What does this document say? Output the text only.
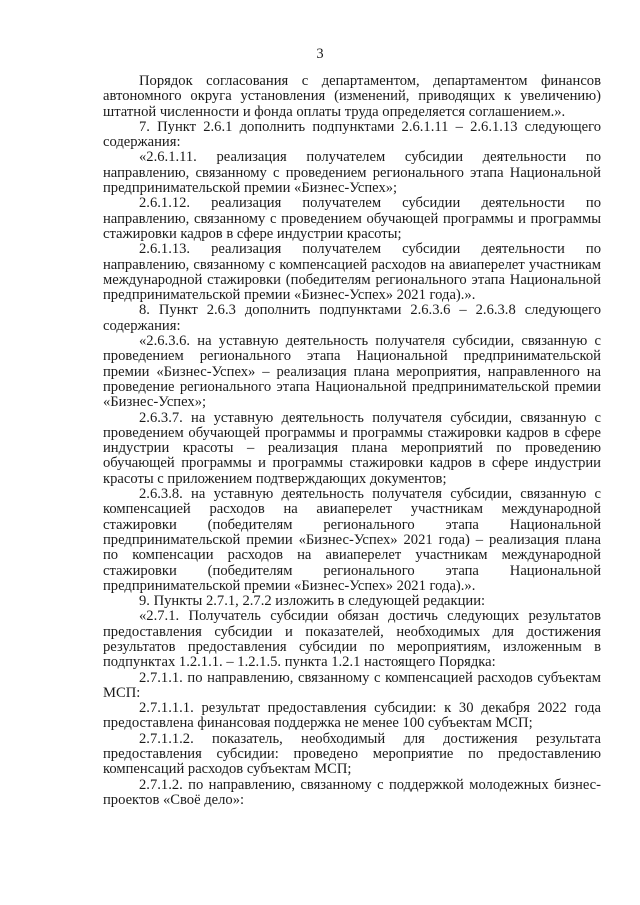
3

Порядок согласования с департаментом, департаментом финансов автономного округа установления (изменений, приводящих к увеличению) штатной численности и фонда оплаты труда определяется соглашением.».

7. Пункт 2.6.1 дополнить подпунктами 2.6.1.11 – 2.6.1.13 следующего содержания:

«2.6.1.11. реализация получателем субсидии деятельности по направлению, связанному с проведением регионального этапа Национальной предпринимательской премии «Бизнес-Успех»;

2.6.1.12. реализация получателем субсидии деятельности по направлению, связанному с проведением обучающей программы и программы стажировки кадров в сфере индустрии красоты;

2.6.1.13. реализация получателем субсидии деятельности по направлению, связанному с компенсацией расходов на авиаперелет участникам международной стажировки (победителям регионального этапа Национальной предпринимательской премии «Бизнес-Успех» 2021 года).».

8. Пункт 2.6.3 дополнить подпунктами 2.6.3.6 – 2.6.3.8 следующего содержания:

«2.6.3.6. на уставную деятельность получателя субсидии, связанную с проведением регионального этапа Национальной предпринимательской премии «Бизнес-Успех» – реализация плана мероприятия, направленного на проведение регионального этапа Национальной предпринимательской премии «Бизнес-Успех»;

2.6.3.7. на уставную деятельность получателя субсидии, связанную с проведением обучающей программы и программы стажировки кадров в сфере индустрии красоты – реализация плана мероприятий по проведению обучающей программы и программы стажировки кадров в сфере индустрии красоты с приложением подтверждающих документов;

2.6.3.8. на уставную деятельность получателя субсидии, связанную с компенсацией расходов на авиаперелет участникам международной стажировки (победителям регионального этапа Национальной предпринимательской премии «Бизнес-Успех» 2021 года) – реализация плана по компенсации расходов на авиаперелет участникам международной стажировки (победителям регионального этапа Национальной предпринимательской премии «Бизнес-Успех» 2021 года).».

9. Пункты 2.7.1, 2.7.2 изложить в следующей редакции:

«2.7.1. Получатель субсидии обязан достичь следующих результатов предоставления субсидии и показателей, необходимых для достижения результатов предоставления субсидии по мероприятиям, изложенным в подпунктах 1.2.1.1. – 1.2.1.5. пункта 1.2.1 настоящего Порядка:

2.7.1.1. по направлению, связанному с компенсацией расходов субъектам МСП:

2.7.1.1.1. результат предоставления субсидии: к 30 декабря 2022 года предоставлена финансовая поддержка не менее 100 субъектам МСП;

2.7.1.1.2. показатель, необходимый для достижения результата предоставления субсидии: проведено мероприятие по предоставлению компенсаций расходов субъектам МСП;

2.7.1.2. по направлению, связанному с поддержкой молодежных бизнес-проектов «Своё дело»:
